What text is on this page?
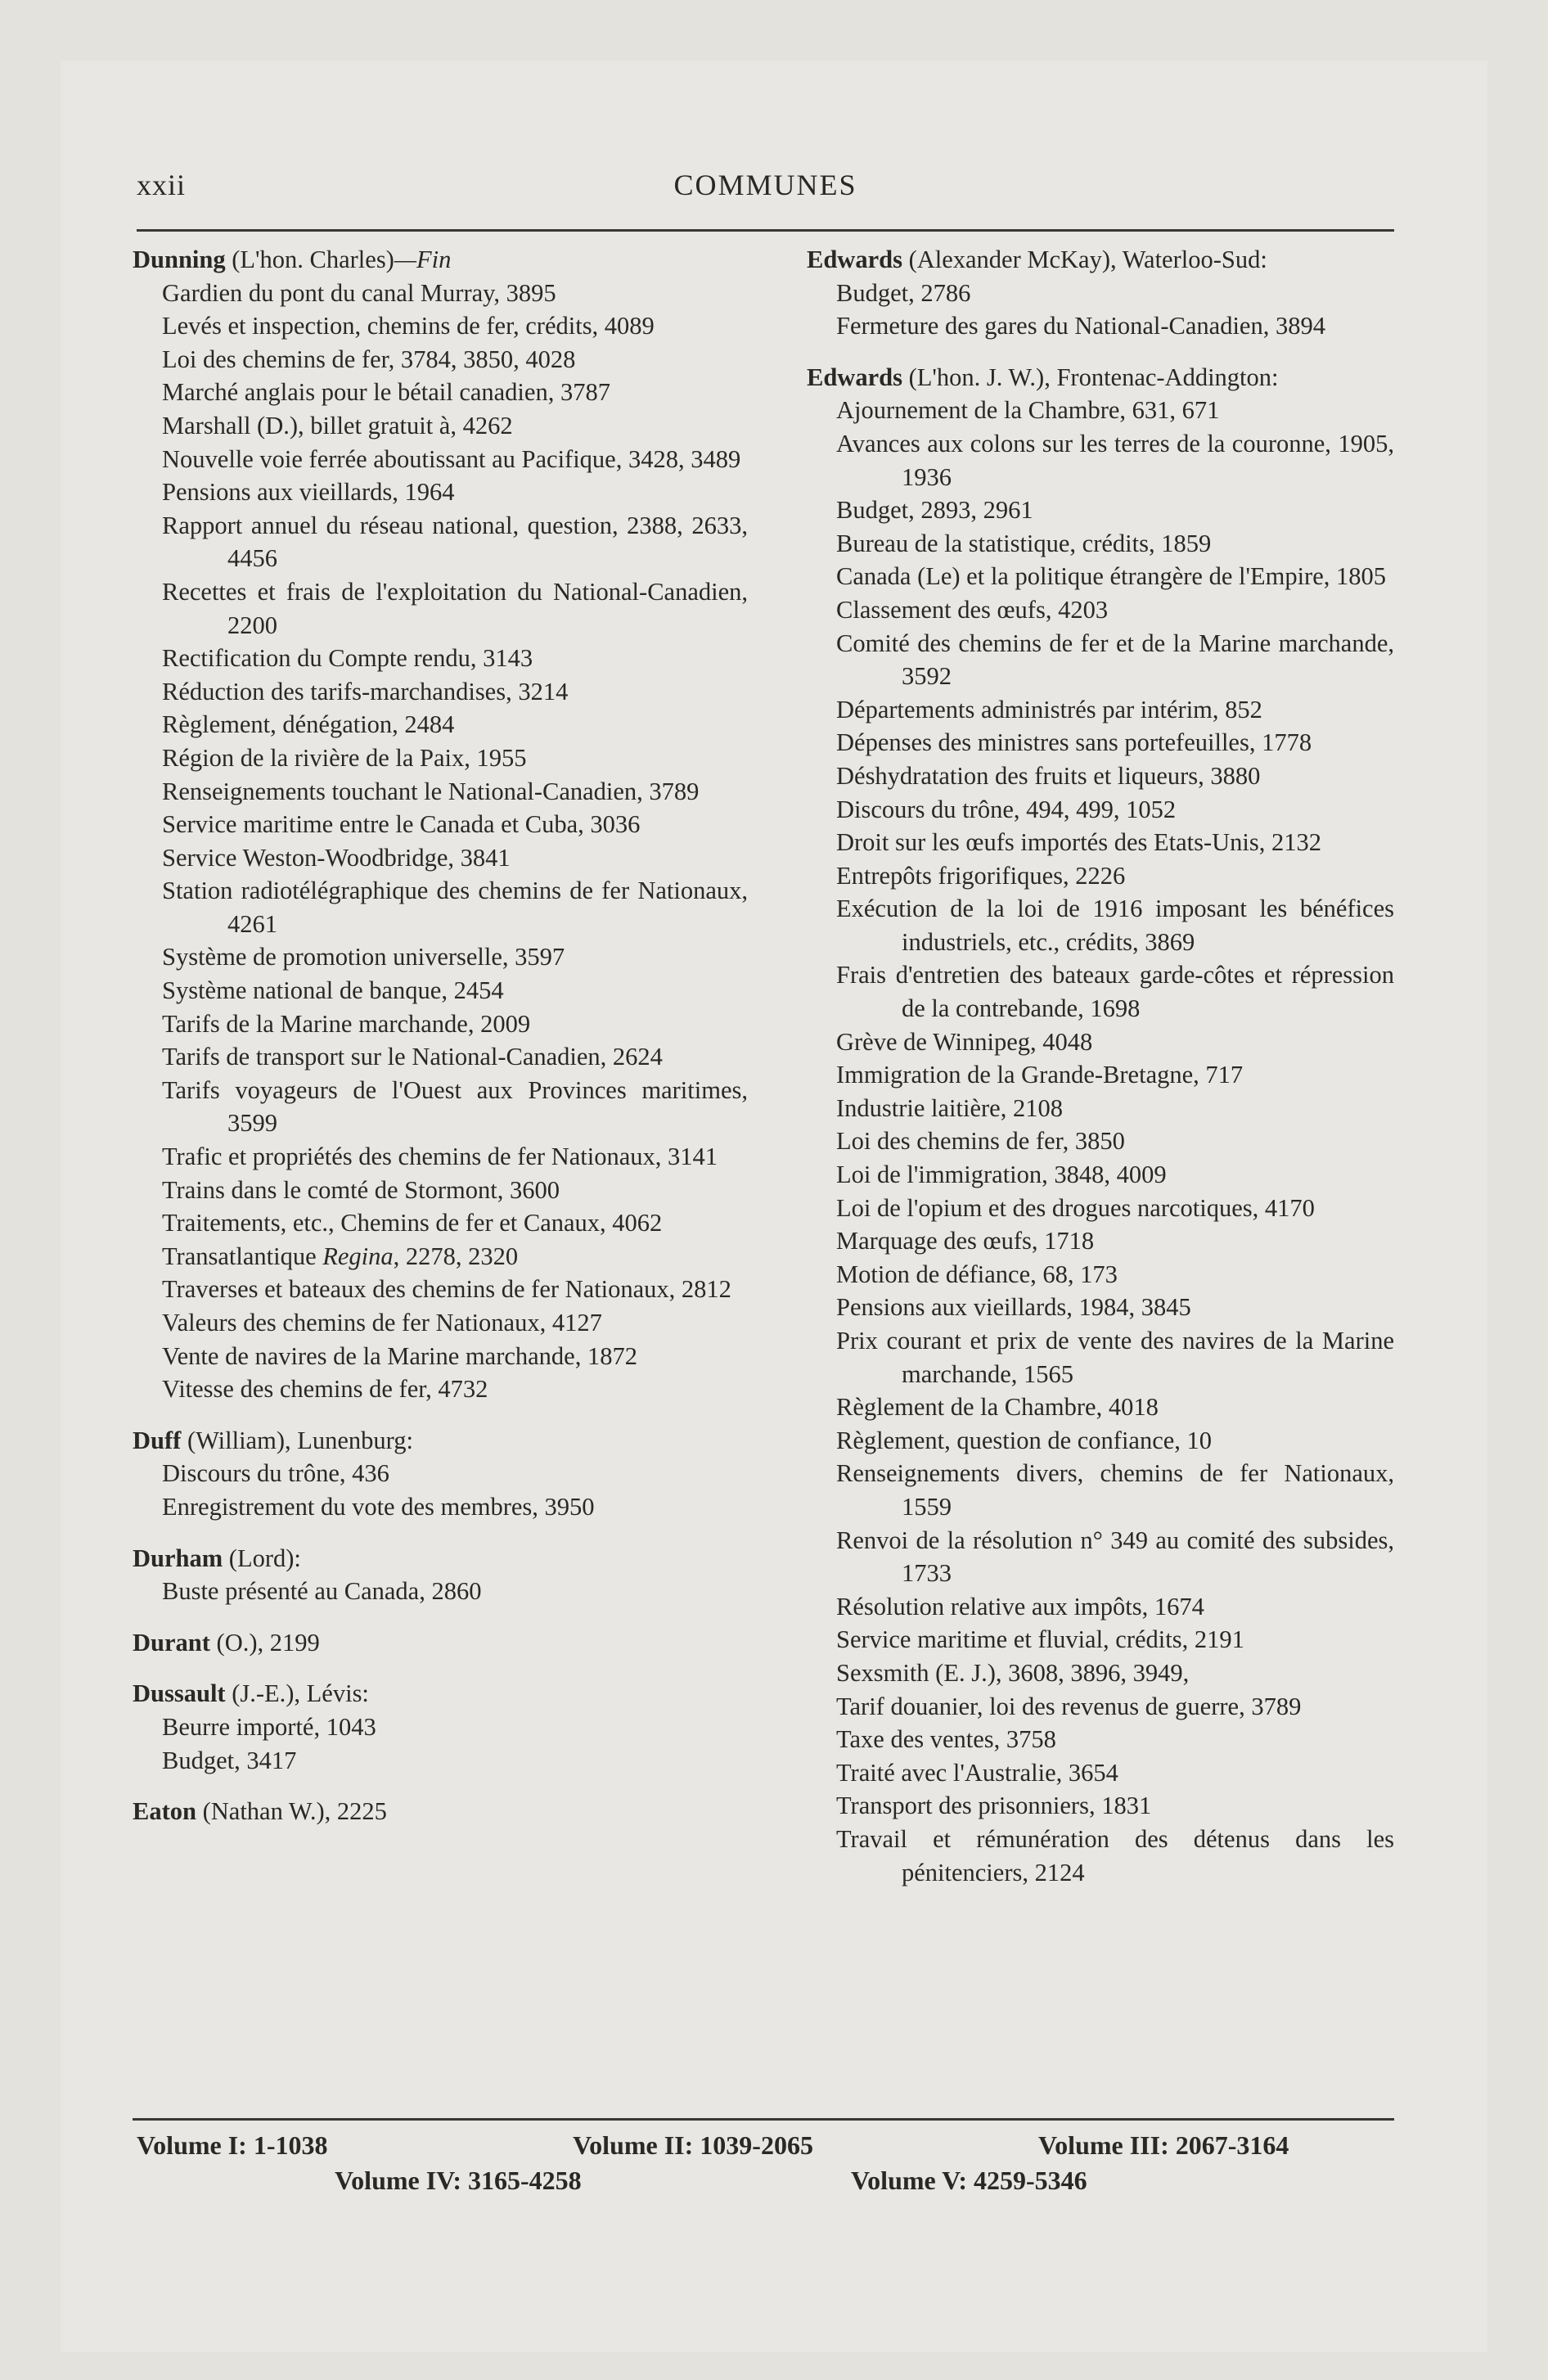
xxii	COMMUNES
Dunning (L'hon. Charles)—Fin
Gardien du pont du canal Murray, 3895
Levés et inspection, chemins de fer, crédits, 4089
Loi des chemins de fer, 3784, 3850, 4028
Marché anglais pour le bétail canadien, 3787
Marshall (D.), billet gratuit à, 4262
Nouvelle voie ferrée aboutissant au Pacifique, 3428, 3489
Pensions aux vieillards, 1964
Rapport annuel du réseau national, question, 2388, 2633, 4456
Recettes et frais de l'exploitation du National-Canadien, 2200
Rectification du Compte rendu, 3143
Réduction des tarifs-marchandises, 3214
Règlement, dénégation, 2484
Région de la rivière de la Paix, 1955
Renseignements touchant le National-Canadien, 3789
Service maritime entre le Canada et Cuba, 3036
Service Weston-Woodbridge, 3841
Station radiotélégraphique des chemins de fer Nationaux, 4261
Système de promotion universelle, 3597
Système national de banque, 2454
Tarifs de la Marine marchande, 2009
Tarifs de transport sur le National-Canadien, 2624
Tarifs voyageurs de l'Ouest aux Provinces maritimes, 3599
Trafic et propriétés des chemins de fer Nationaux, 3141
Trains dans le comté de Stormont, 3600
Traitements, etc., Chemins de fer et Canaux, 4062
Transatlantique Regina, 2278, 2320
Traverses et bateaux des chemins de fer Nationaux, 2812
Valeurs des chemins de fer Nationaux, 4127
Vente de navires de la Marine marchande, 1872
Vitesse des chemins de fer, 4732
Duff (William), Lunenburg:
Discours du trône, 436
Enregistrement du vote des membres, 3950
Durham (Lord):
Buste présenté au Canada, 2860
Durant (O.), 2199
Dussault (J.-E.), Lévis:
Beurre importé, 1043
Budget, 3417
Eaton (Nathan W.), 2225
Edwards (Alexander McKay), Waterloo-Sud:
Budget, 2786
Fermeture des gares du National-Canadien, 3894
Edwards (L'hon. J. W.), Frontenac-Addington:
Ajournement de la Chambre, 631, 671
Avances aux colons sur les terres de la couronne, 1905, 1936
Budget, 2893, 2961
Bureau de la statistique, crédits, 1859
Canada (Le) et la politique étrangère de l'Empire, 1805
Classement des œufs, 4203
Comité des chemins de fer et de la Marine marchande, 3592
Départements administrés par intérim, 852
Dépenses des ministres sans portefeuilles, 1778
Déshydratation des fruits et liqueurs, 3880
Discours du trône, 494, 499, 1052
Droit sur les œufs importés des Etats-Unis, 2132
Entrepôts frigorifiques, 2226
Exécution de la loi de 1916 imposant les bénéfices industriels, etc., crédits, 3869
Frais d'entretien des bateaux garde-côtes et répression de la contrebande, 1698
Grève de Winnipeg, 4048
Immigration de la Grande-Bretagne, 717
Industrie laitière, 2108
Loi des chemins de fer, 3850
Loi de l'immigration, 3848, 4009
Loi de l'opium et des drogues narcotiques, 4170
Marquage des œufs, 1718
Motion de défiance, 68, 173
Pensions aux vieillards, 1984, 3845
Prix courant et prix de vente des navires de la Marine marchande, 1565
Règlement de la Chambre, 4018
Règlement, question de confiance, 10
Renseignements divers, chemins de fer Nationaux, 1559
Renvoi de la résolution n° 349 au comité des subsides, 1733
Résolution relative aux impôts, 1674
Service maritime et fluvial, crédits, 2191
Sexsmith (E. J.), 3608, 3896, 3949,
Tarif douanier, loi des revenus de guerre, 3789
Taxe des ventes, 3758
Traité avec l'Australie, 3654
Transport des prisonniers, 1831
Travail et rémunération des détenus dans les pénitenciers, 2124
Volume I: 1-1038	Volume II: 1039-2065	Volume III: 2067-3164
Volume IV: 3165-4258	Volume V: 4259-5346
